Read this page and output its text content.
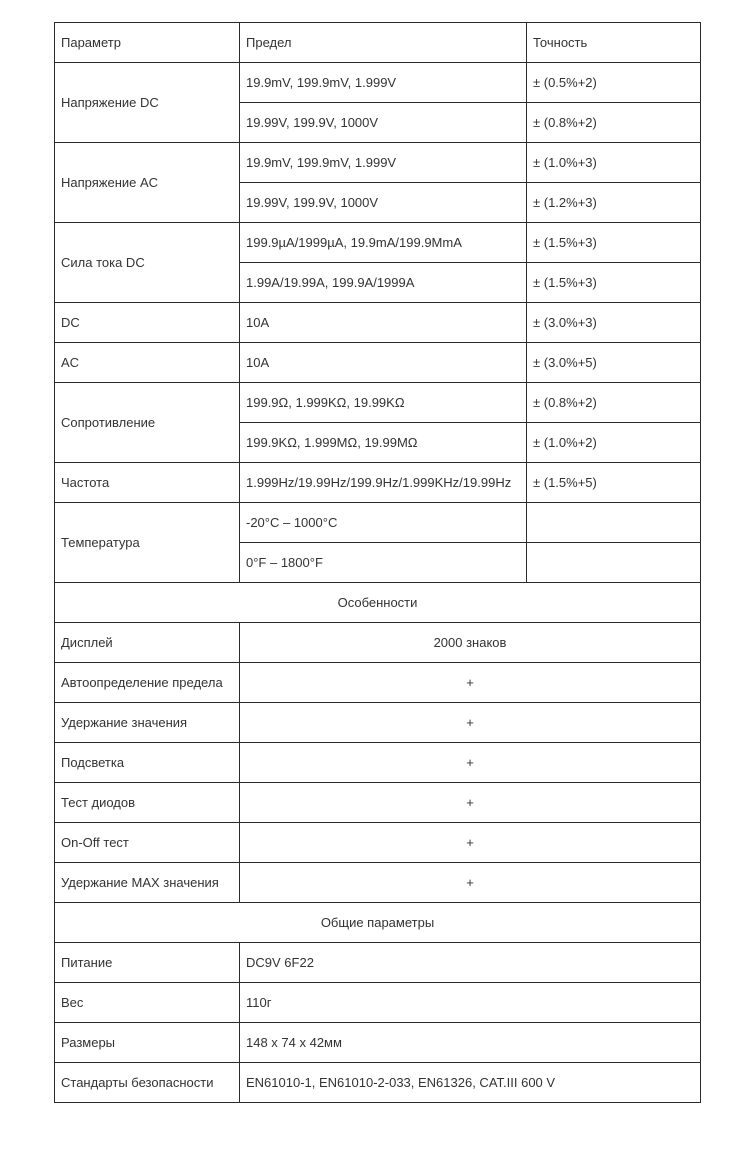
Параметр	Предел	Точность
Напряжение DC	19.9mV, 199.9mV, 1.999V	± (0.5%+2)
	19.99V, 199.9V, 1000V	± (0.8%+2)
Напряжение AC	19.9mV, 199.9mV, 1.999V	± (1.0%+3)
	19.99V, 199.9V, 1000V	± (1.2%+3)
Сила тока DC	199.9µA/1999µA, 19.9mA/199.9MmA	± (1.5%+3)
	1.99A/19.99A, 199.9A/1999A	± (1.5%+3)
DC	10A	± (3.0%+3)
AC	10A	± (3.0%+5)
Сопротивление	199.9Ω, 1.999KΩ, 19.99KΩ	± (0.8%+2)
	199.9KΩ, 1.999MΩ, 19.99MΩ	± (1.0%+2)
Частота	1.999Hz/19.99Hz/199.9Hz/1.999KHz/19.99Hz	± (1.5%+5)
Температура	-20°C – 1000°C	
	0°F – 1800°F	
Особенности		
Дисплей	2000 знаков	
Автоопределение предела	+	
Удержание значения	+	
Подсветка	+	
Тест диодов	+	
On-Off тест	+	
Удержание MAX значения	+	
Общие параметры		
Питание	DC9V 6F22	
Вес	110г	
Размеры	148 x 74 x 42мм	
Стандарты безопасности	EN61010-1, EN61010-2-033, EN61326, CAT.III 600 V	
